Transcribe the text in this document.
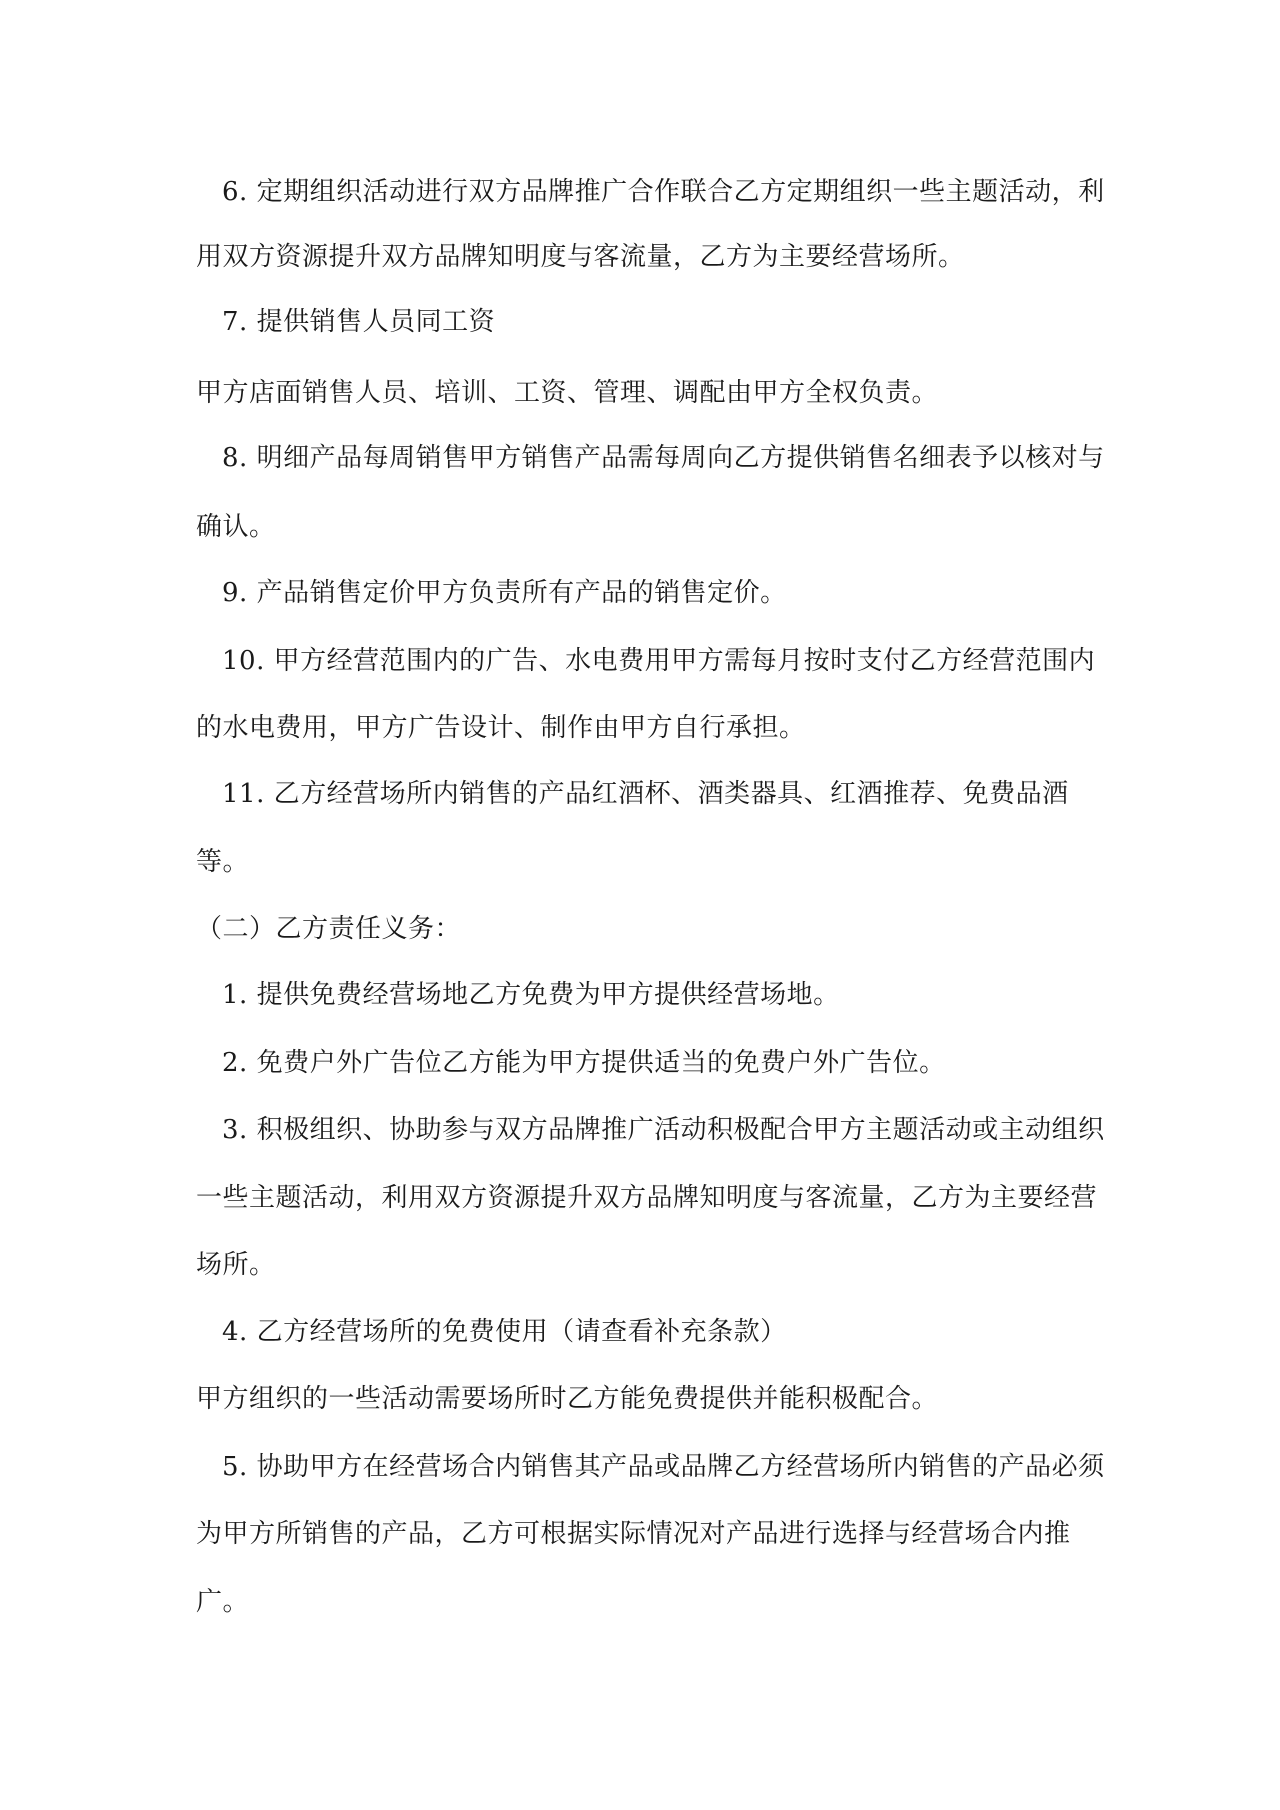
6. 定期组织活动进行双方品牌推广合作联合乙方定期组织一些主题活动，利
用双方资源提升双方品牌知明度与客流量，乙方为主要经营场所。
7. 提供销售人员同工资
甲方店面销售人员、培训、工资、管理、调配由甲方全权负责。
8. 明细产品每周销售甲方销售产品需每周向乙方提供销售名细表予以核对与
确认。
9. 产品销售定价甲方负责所有产品的销售定价。
10. 甲方经营范围内的广告、水电费用甲方需每月按时支付乙方经营范围内
的水电费用，甲方广告设计、制作由甲方自行承担。
11. 乙方经营场所内销售的产品红酒杯、酒类器具、红酒推荐、免费品酒
等。
（二）乙方责任义务：
1. 提供免费经营场地乙方免费为甲方提供经营场地。
2. 免费户外广告位乙方能为甲方提供适当的免费户外广告位。
3. 积极组织、协助参与双方品牌推广活动积极配合甲方主题活动或主动组织
一些主题活动，利用双方资源提升双方品牌知明度与客流量，乙方为主要经营
场所。
4. 乙方经营场所的免费使用（请查看补充条款）
甲方组织的一些活动需要场所时乙方能免费提供并能积极配合。
5. 协助甲方在经营场合内销售其产品或品牌乙方经营场所内销售的产品必须
为甲方所销售的产品，乙方可根据实际情况对产品进行选择与经营场合内推
广。
